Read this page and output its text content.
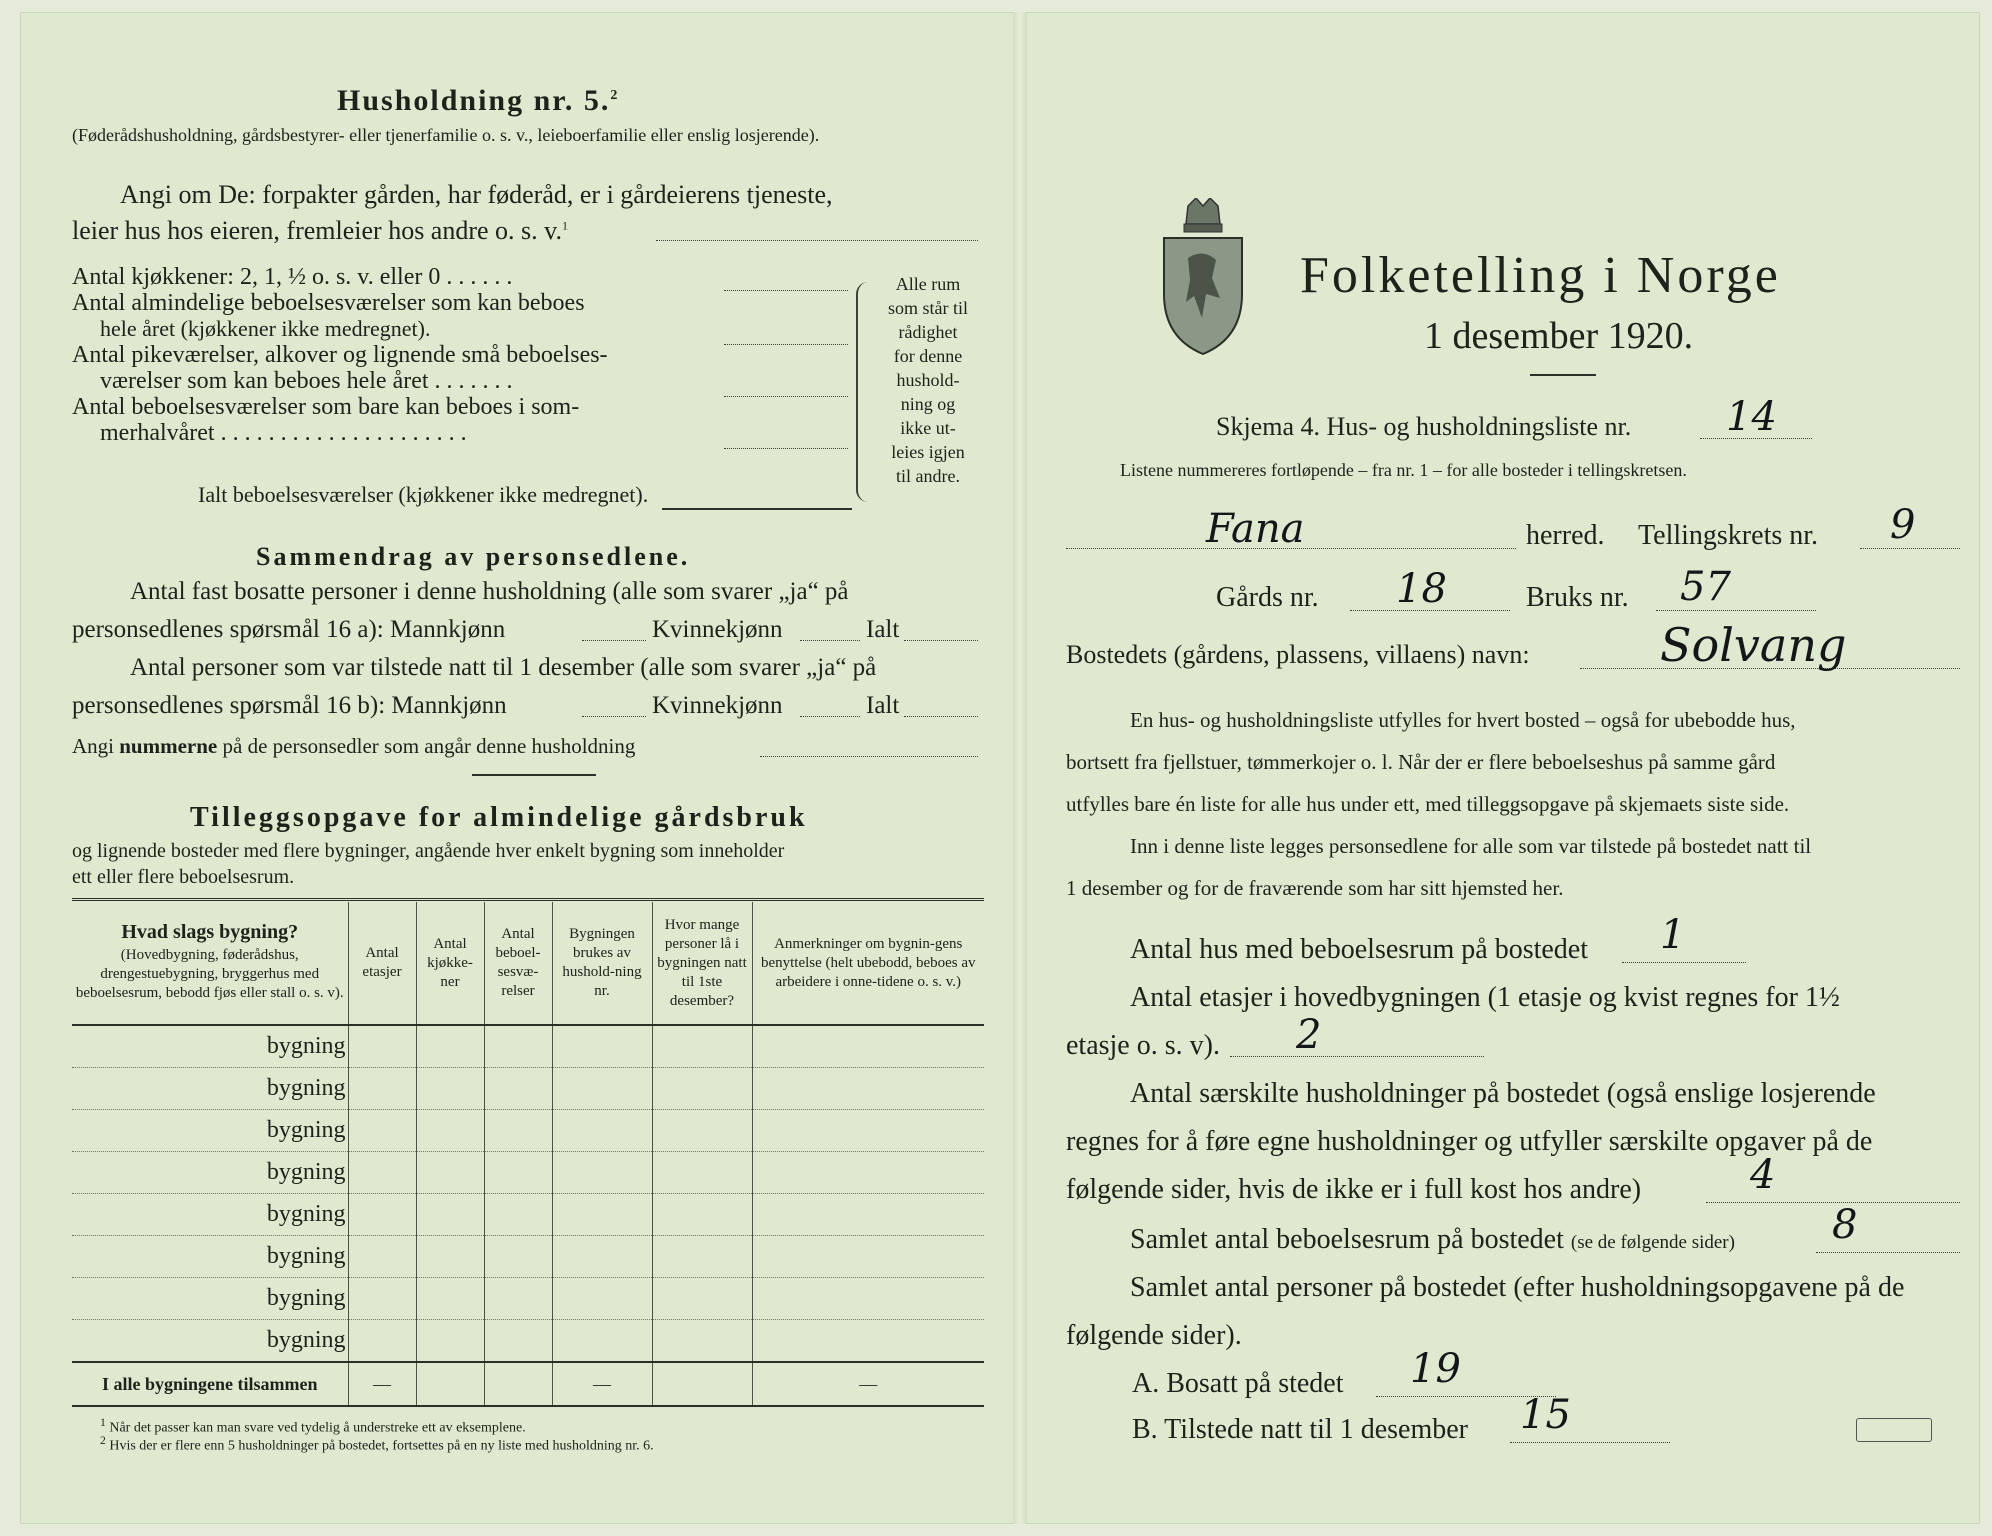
Husholdning nr. 5.$^2$
(Føderådshusholdning, gårdsbestyrer- eller tjenerfamilie o. s. v., leieboerfamilie eller enslig losjerende).
Angi om De: forpakter gården, har føderåd, er i gårdeierens tjeneste,
leier hus hos eieren, fremleier hos andre o. s. v.$^1$
Antal kjøkkener: 2, 1, ½ o. s. v. eller 0 . . . . . .
Antal almindelige beboelsesværelser som kan beboes
hele året (kjøkkener ikke medregnet).
Antal pikeværelser, alkover og lignende små beboelses-
værelser som kan beboes hele året . . . . . . .
Antal beboelsesværelser som bare kan beboes i som-
merhalvåret . . . . . . . . . . . . . . . . . . . . .
Ialt beboelsesværelser (kjøkkener ikke medregnet).
Alle rum
som står til
rådighet
for denne
hushold-
ning og
ikke ut-
leies igjen
til andre.
Sammendrag av personsedlene.
Antal fast bosatte personer i denne husholdning (alle som svarer „ja“ på
personsedlenes spørsmål 16 a): Mannkjønn	Kvinnekjønn	Ialt
Antal personer som var tilstede natt til 1 desember (alle som svarer „ja“ på
personsedlenes spørsmål 16 b): Mannkjønn	Kvinnekjønn	Ialt
Angi nummerne på de personsedler som angår denne husholdning
Tilleggsopgave for almindelige gårdsbruk
og lignende bosteder med flere bygninger, angående hver enkelt bygning som inneholder
ett eller flere beboelsesrum.
Hvad slags bygning?
(Hovedbygning, føderådshus, drengestuebygning, bryggerhus med beboelsesrum, bebodd fjøs eller stall o. s. v).	Antal etasjer	Antal kjøkke-ner	Antal beboel-sesvæ-relser	Bygningen brukes av hushold-ning nr.	Hvor mange personer lå i bygningen natt til 1ste desember?	Anmerkninger om bygnin-gens benyttelse (helt ubebodd, beboes av arbeidere i onne-tidene o. s. v.)
bygning						
bygning						
bygning						
bygning						
bygning						
bygning						
bygning						
bygning						
I alle bygningene tilsammen	—			—		—
$^1$ Når det passer kan man svare ved tydelig å understreke ett av eksemplene.
$^2$ Hvis der er flere enn 5 husholdninger på bostedet, fortsettes på en ny liste med husholdning nr. 6.
Folketelling i Norge
1 desember 1920.
Skjema 4. Hus- og husholdningsliste nr. 14
Listene nummereres fortløpende – fra nr. 1 – for alle bosteder i tellingskretsen.
Fana	herred. Tellingskrets nr. 9
Gårds nr. 18	Bruks nr. 57
Bostedets (gårdens, plassens, villaens) navn:	Solvang
En hus- og husholdningsliste utfylles for hvert bosted – også for ubebodde hus,
bortsett fra fjellstuer, tømmerkojer o. l. Når der er flere beboelseshus på samme gård
utfylles bare én liste for alle hus under ett, med tilleggsopgave på skjemaets siste side.
Inn i denne liste legges personsedlene for alle som var tilstede på bostedet natt til
1 desember og for de fraværende som har sitt hjemsted her.
Antal hus med beboelsesrum på bostedet 1
Antal etasjer i hovedbygningen (1 etasje og kvist regnes for 1½
etasje o. s. v). 2
Antal særskilte husholdninger på bostedet (også enslige losjerende
regnes for å føre egne husholdninger og utfyller særskilte opgaver på de
følgende sider, hvis de ikke er i full kost hos andre)	4
Samlet antal beboelsesrum på bostedet (se de følgende sider) 8
Samlet antal personer på bostedet (efter husholdningsopgavene på de
følgende sider).
A. Bosatt på stedet 19
B. Tilstede natt til 1 desember 15
